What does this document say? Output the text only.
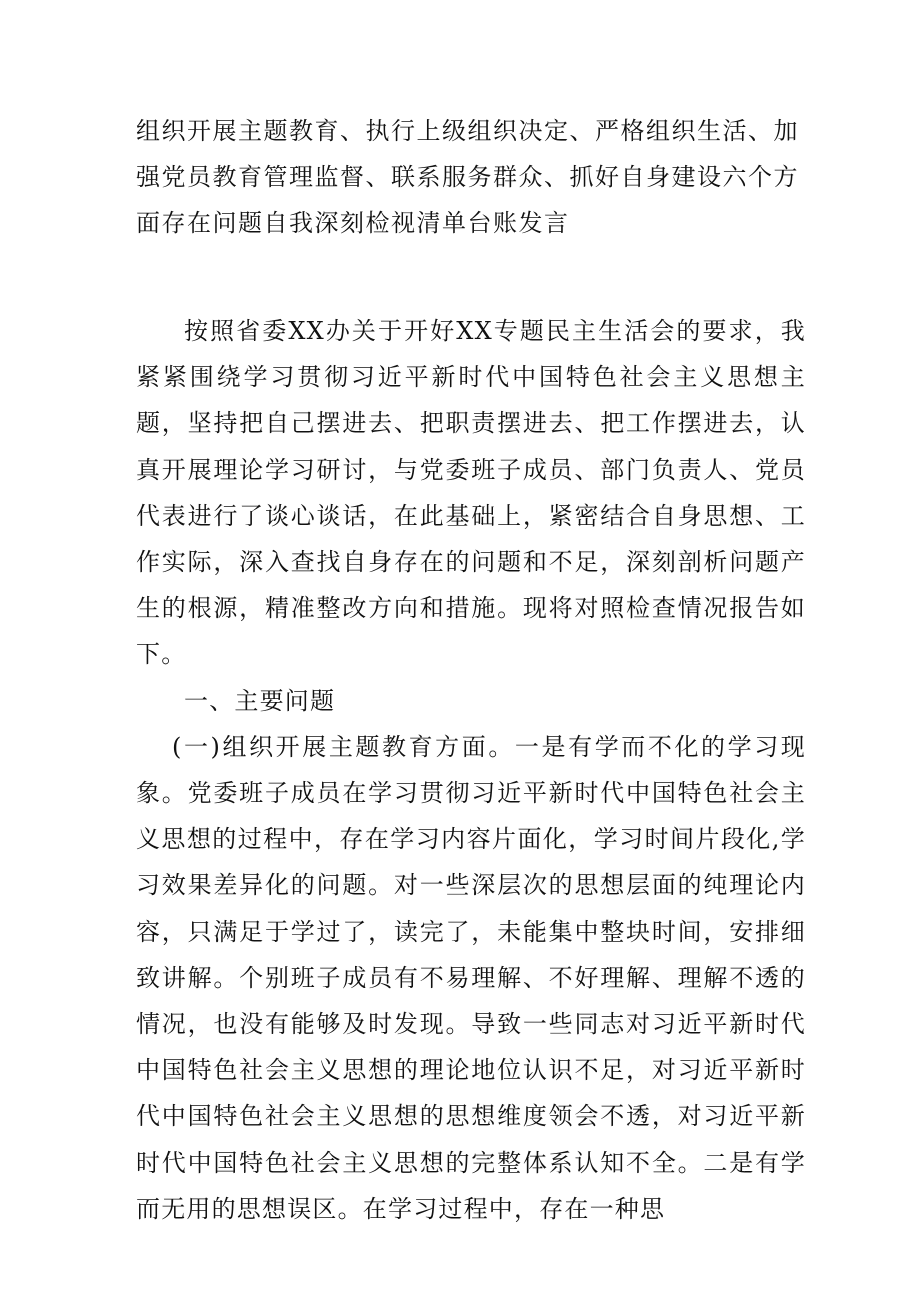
组织开展主题教育、执行上级组织决定、严格组织生活、加强党员教育管理监督、联系服务群众、抓好自身建设六个方面存在问题自我深刻检视清单台账发言

按照省委XX办关于开好XX专题民主生活会的要求，我紧紧围绕学习贯彻习近平新时代中国特色社会主义思想主题，坚持把自己摆进去、把职责摆进去、把工作摆进去，认真开展理论学习研讨，与党委班子成员、部门负责人、党员代表进行了谈心谈话，在此基础上，紧密结合自身思想、工作实际，深入查找自身存在的问题和不足，深刻剖析问题产生的根源，精准整改方向和措施。现将对照检查情况报告如下。

一、主要问题

(一)组织开展主题教育方面。一是有学而不化的学习现象。党委班子成员在学习贯彻习近平新时代中国特色社会主义思想的过程中，存在学习内容片面化，学习时间片段化,学习效果差异化的问题。对一些深层次的思想层面的纯理论内容，只满足于学过了，读完了，未能集中整块时间，安排细致讲解。个别班子成员有不易理解、不好理解、理解不透的情况，也没有能够及时发现。导致一些同志对习近平新时代中国特色社会主义思想的理论地位认识不足，对习近平新时代中国特色社会主义思想的思想维度领会不透，对习近平新时代中国特色社会主义思想的完整体系认知不全。二是有学而无用的思想误区。在学习过程中，存在一种思
